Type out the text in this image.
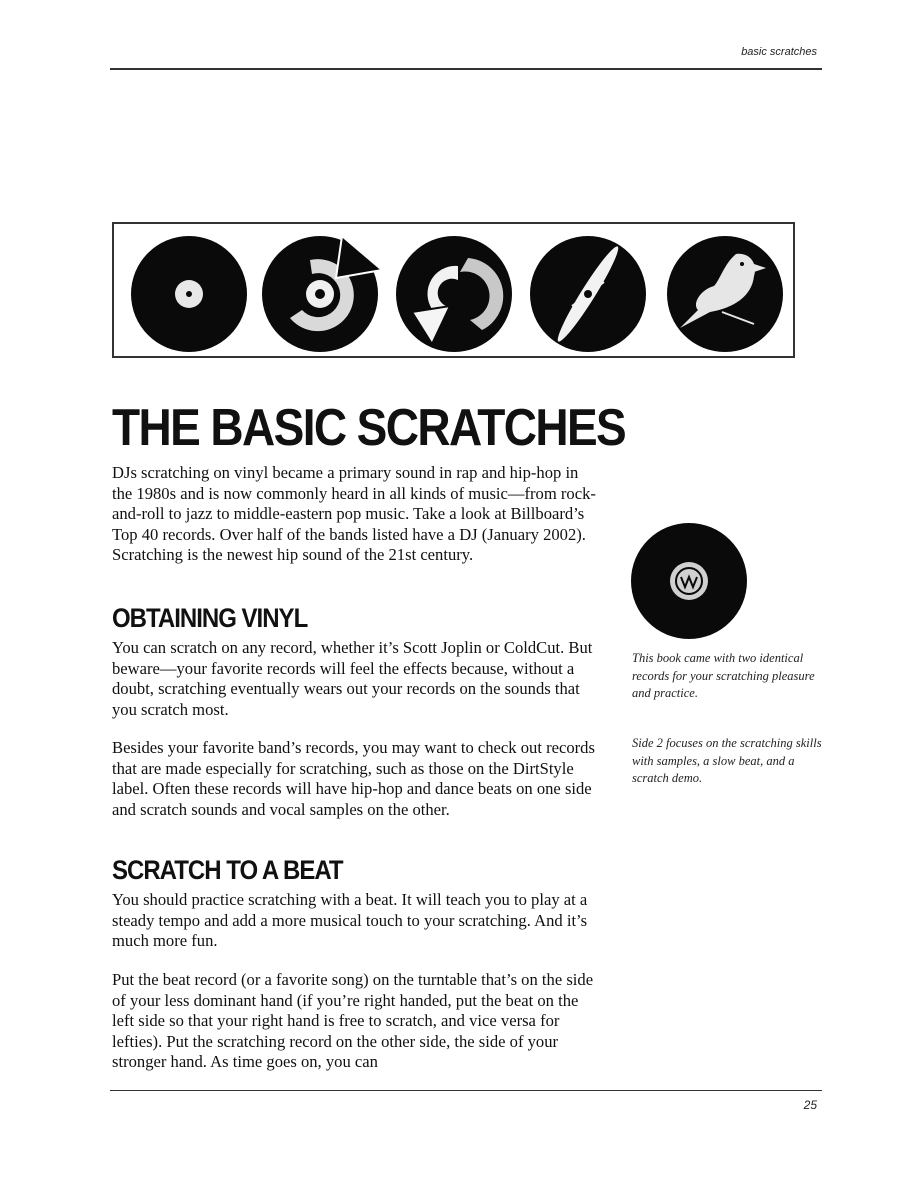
basic scratches
THE BASIC SCRATCHES

DJs scratching on vinyl became a primary sound in rap and hip-hop in the 1980s and is now commonly heard in all kinds of music—from rock-and-roll to jazz to middle-eastern pop music. Take a look at Billboard’s Top 40 records. Over half of the bands listed have a DJ (January 2002). Scratching is the newest hip sound of the 21st century.

OBTAINING VINYL

You can scratch on any record, whether it’s Scott Joplin or ColdCut. But beware—your favorite records will feel the effects because, without a doubt, scratching eventually wears out your records on the sounds that you scratch most.

Besides your favorite band’s records, you may want to check out records that are made especially for scratching, such as those on the DirtStyle label. Often these records will have hip-hop and dance beats on one side and scratch sounds and vocal samples on the other.

SCRATCH TO A BEAT

You should practice scratching with a beat. It will teach you to play at a steady tempo and add a more musical touch to your scratching. And it’s much more fun.

Put the beat record (or a favorite song) on the turntable that’s on the side of your less dominant hand (if you’re right handed, put the beat on the left side so that your right hand is free to scratch, and vice versa for lefties). Put the scratching record on the other side, the side of your stronger hand. As time goes on, you can

This book came with two identical records for your scratching pleasure and practice.

Side 2 focuses on the scratching skills with samples, a slow beat, and a scratch demo.

25
